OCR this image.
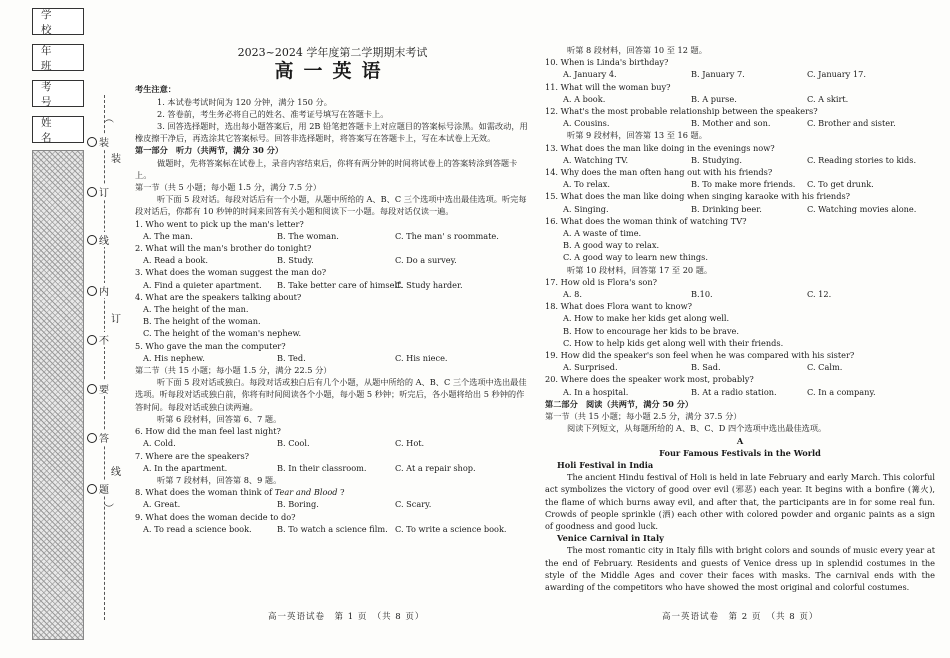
学 校
年 班
考 号
姓 名
︵
装
装
订
线
内
订
不
要
答
线
题
︶
2023~2024 学年度第二学期期末考试
高一英语
考生注意：
1. 本试卷考试时间为 120 分钟，满分 150 分。
2. 答卷前，考生务必将自己的姓名、准考证号填写在答题卡上。
3. 回答选择题时，选出每小题答案后，用 2B 铅笔把答题卡上对应题目的答案标号涂黑。如需改动，用橡皮擦干净后，再选涂其它答案标号。回答非选择题时，将答案写在答题卡上，写在本试卷上无效。
第一部分　听力（共两节，满分 30 分）
做题时，先将答案标在试卷上，录音内容结束后，你将有两分钟的时间将试卷上的答案转涂到答题卡上。
第一节（共 5 小题；每小题 1.5 分，满分 7.5 分）
听下面 5 段对话。每段对话后有一个小题，从题中所给的 A、B、C 三个选项中选出最佳选项。听完每段对话后，你都有 10 秒钟的时间来回答有关小题和阅读下一小题。每段对话仅读一遍。
1. Who went to pick up the man's letter?
A. The man.	B. The woman.	C. The man' s roommate.
2. What will the man's brother do tonight?
A. Read a book.	B. Study.	C. Do a survey.
3. What does the woman suggest the man do?
A. Find a quieter apartment.	B. Take better care of himself.
C. Study harder.
4. What are the speakers talking about?
A. The height of the man.
B. The height of the woman.
C. The height of the woman's nephew.
5. Who gave the man the computer?
A. His nephew.	B. Ted.	C. His niece.
第二节（共 15 小题；每小题 1.5 分，满分 22.5 分）
听下面 5 段对话或独白。每段对话或独白后有几个小题，从题中所给的 A、B、C 三个选项中选出最佳选项。听每段对话或独白前，你将有时间阅读各个小题，每小题 5 秒钟；听完后，各小题将给出 5 秒钟的作答时间。每段对话或独白读两遍。
听第 6 段材料，回答第 6、7 题。
6. How did the man feel last night?
A. Cold.	B. Cool.	C. Hot.
7. Where are the speakers?
A. In the apartment.	B. In their classroom.	C. At a repair shop.
听第 7 段材料，回答第 8、9 题。
8. What does the woman think of Tear and Blood ?
A. Great.	B. Boring.	C. Scary.
9. What does the woman decide to do?
A. To read a science book.	B. To watch a science film. C. To write a science book.
高一英语试卷　第 1 页　（共 8 页）
听第 8 段材料，回答第 10 至 12 题。
10. When is Linda's birthday?
A. January 4.	B. January 7.	C. January 17.
11. What will the woman buy?
A. A book.	B. A purse.	C. A skirt.
12. What's the most probable relationship between the speakers?
A. Cousins.	B. Mother and son.	C. Brother and sister.
听第 9 段材料，回答第 13 至 16 题。
13. What does the man like doing in the evenings now?
A. Watching TV.	B. Studying.	C. Reading stories to kids.
14. Why does the man often hang out with his friends?
A. To relax.	B. To make more friends.	C. To get drunk.
15. What does the man like doing when singing karaoke with his friends?
A. Singing.	B. Drinking beer.	C. Watching movies alone.
16. What does the woman think of watching TV?
A. A waste of time.
B. A good way to relax.
C. A good way to learn new things.
听第 10 段材料，回答第 17 至 20 题。
17. How old is Flora's son?
A. 8.	B.10.	C. 12.
18. What does Flora want to know?
A. How to make her kids get along well.
B. How to encourage her kids to be brave.
C. How to help kids get along well with their friends.
19. How did the speaker's son feel when he was compared with his sister?
A. Surprised.	B. Sad.	C. Calm.
20. Where does the speaker work most, probably?
A. In a hospital.	B. At a radio station.	C. In a company.
第二部分　阅读（共两节，满分 50 分）
第一节（共 15 小题；每小题 2.5 分，满分 37.5 分）
阅读下列短文，从每题所给的 A、B、C、D 四个选项中选出最佳选项。
A
Four Famous Festivals in the World
Holi Festival in India
The ancient Hindu festival of Holi is held in late February and early March. This colorful act symbolizes the victory of good over evil (邪恶) each year. It begins with a bonfire (篝火), the flame of which burns away evil, and after that, the participants are in for some real fun. Crowds of people sprinkle (洒) each other with colored powder and organic paints as a sign of goodness and good luck.
Venice Carnival in Italy
The most romantic city in Italy fills with bright colors and sounds of music every year at the end of February. Residents and guests of Venice dress up in splendid costumes in the style of the Middle Ages and cover their faces with masks. The carnival ends with the awarding of the competitors who have showed the most original and colorful costumes.
高一英语试卷　第 2 页　（共 8 页）
